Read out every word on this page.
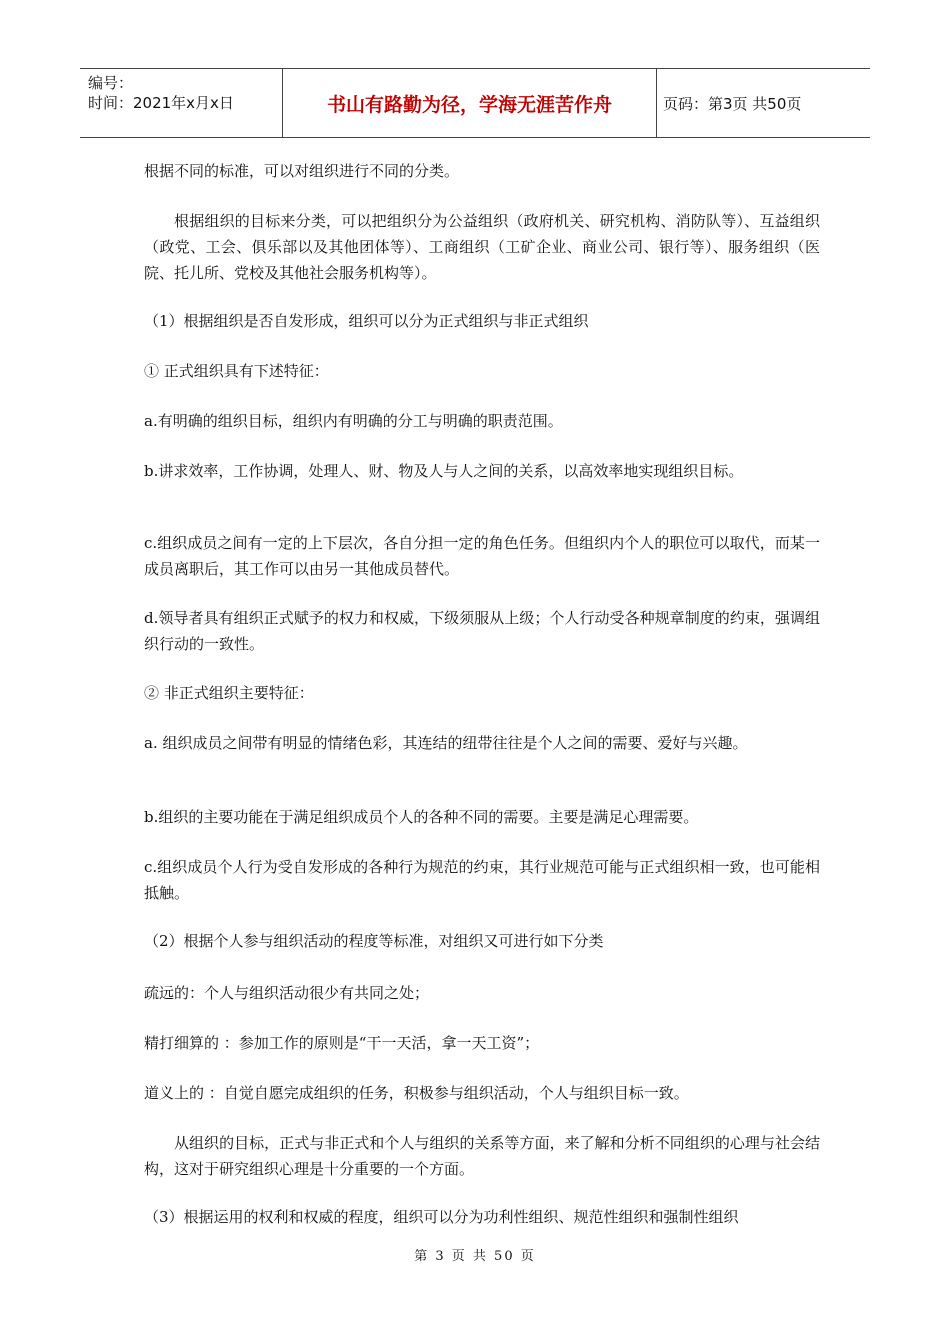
编号：
时间：2021年x月x日	书山有路勤为径，学海无涯苦作舟	页码：第3页 共50页

根据不同的标准，可以对组织进行不同的分类。

根据组织的目标来分类，可以把组织分为公益组织（政府机关、研究机构、消防队等）、互益组织（政党、工会、俱乐部以及其他团体等）、工商组织（工矿企业、商业公司、银行等）、服务组织（医院、托儿所、党校及其他社会服务机构等）。

（1）根据组织是否自发形成，组织可以分为正式组织与非正式组织

① 正式组织具有下述特征：

a.有明确的组织目标，组织内有明确的分工与明确的职责范围。

b.讲求效率，工作协调，处理人、财、物及人与人之间的关系，以高效率地实现组织目标。

c.组织成员之间有一定的上下层次，各自分担一定的角色任务。但组织内个人的职位可以取代，而某一成员离职后，其工作可以由另一其他成员替代。

d.领导者具有组织正式赋予的权力和权威，下级须服从上级；个人行动受各种规章制度的约束，强调组织行动的一致性。

② 非正式组织主要特征：

a. 组织成员之间带有明显的情绪色彩，其连结的纽带往往是个人之间的需要、爱好与兴趣。

b.组织的主要功能在于满足组织成员个人的各种不同的需要。主要是满足心理需要。

c.组织成员个人行为受自发形成的各种行为规范的约束，其行业规范可能与正式组织相一致，也可能相抵触。

（2）根据个人参与组织活动的程度等标准，对组织又可进行如下分类

疏远的：个人与组织活动很少有共同之处；

精打细算的 ：参加工作的原则是“干一天活，拿一天工资”；

道义上的 ：自觉自愿完成组织的任务，积极参与组织活动，个人与组织目标一致。

从组织的目标，正式与非正式和个人与组织的关系等方面，来了解和分析不同组织的心理与社会结构，这对于研究组织心理是十分重要的一个方面。

（3）根据运用的权利和权威的程度，组织可以分为功利性组织、规范性组织和强制性组织

第 3 页 共 50 页
